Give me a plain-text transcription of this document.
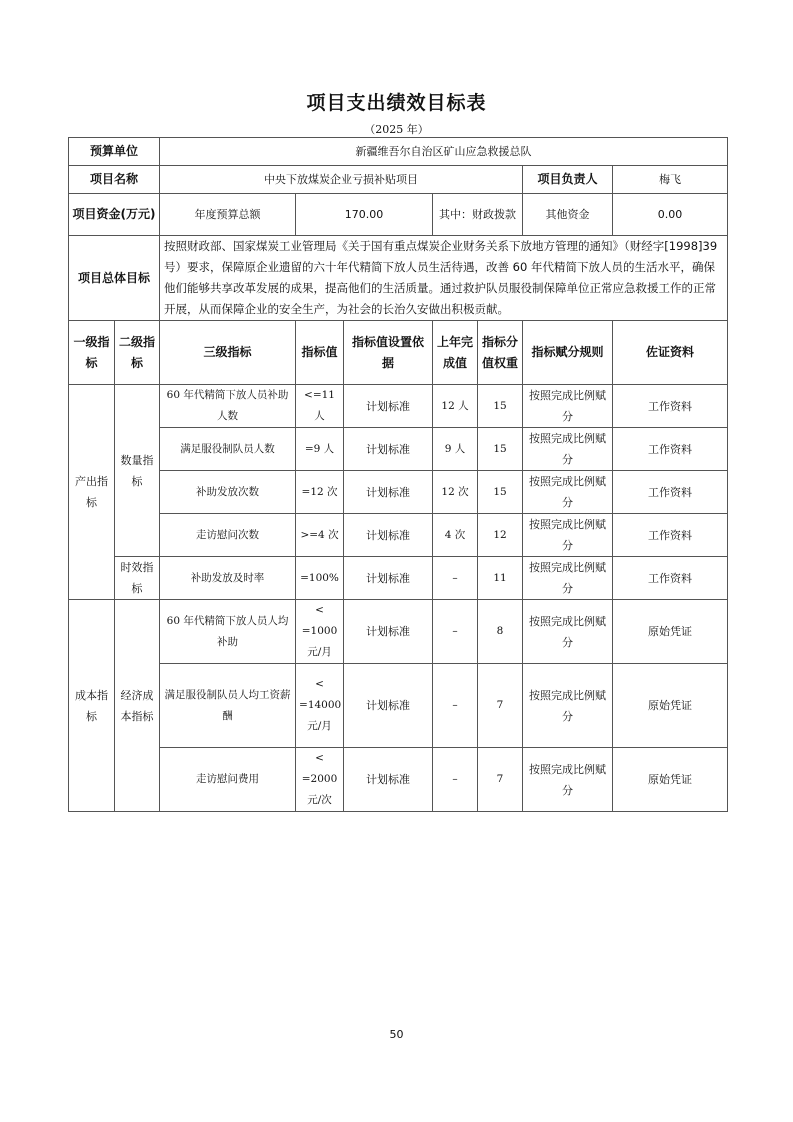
项目支出绩效目标表
（2025 年）
预算单位		新疆维吾尔自治区矿山应急救援总队						
项目名称		中央下放煤炭企业亏损补贴项目					项目负责人	梅飞
项目资金(万元)		年度预算总额	170.00		其中：财政拨款		其他资金	0.00
项目总体目标		按照财政部、国家煤炭工业管理局《关于国有重点煤炭企业财务关系下放地方管理的通知》（财经字[1998]39 号）要求，保障原企业遗留的六十年代精简下放人员生活待遇，改善 60 年代精简下放人员的生活水平，确保他们能够共享改革发展的成果，提高他们的生活质量。通过救护队员服役制保障单位正常应急救援工作的正常开展，从而保障企业的安全生产，为社会的长治久安做出积极贡献。						
一级指标	二级指标	三级指标	指标值	指标值设置依据	上年完成值	指标分值权重	指标赋分规则	佐证资料
产出指标	数量指标	60 年代精简下放人员补助人数	<=11 人	计划标准	12 人	15	按照完成比例赋分	工作资料
		满足服役制队员人数	=9 人	计划标准	9 人	15	按照完成比例赋分	工作资料
		补助发放次数	=12 次	计划标准	12 次	15	按照完成比例赋分	工作资料
		走访慰问次数	>=4 次	计划标准	4 次	12	按照完成比例赋分	工作资料
	时效指标	补助发放及时率	=100%	计划标准	–	11	按照完成比例赋分	工作资料
成本指标	经济成本指标	60 年代精简下放人员人均补助	< =1000 元/月	计划标准	–	8	按照完成比例赋分	原始凭证
		满足服役制队员人均工资薪酬	< =14000 元/月	计划标准	–	7	按照完成比例赋分	原始凭证
		走访慰问费用	< =2000 元/次	计划标准	–	7	按照完成比例赋分	原始凭证
50
